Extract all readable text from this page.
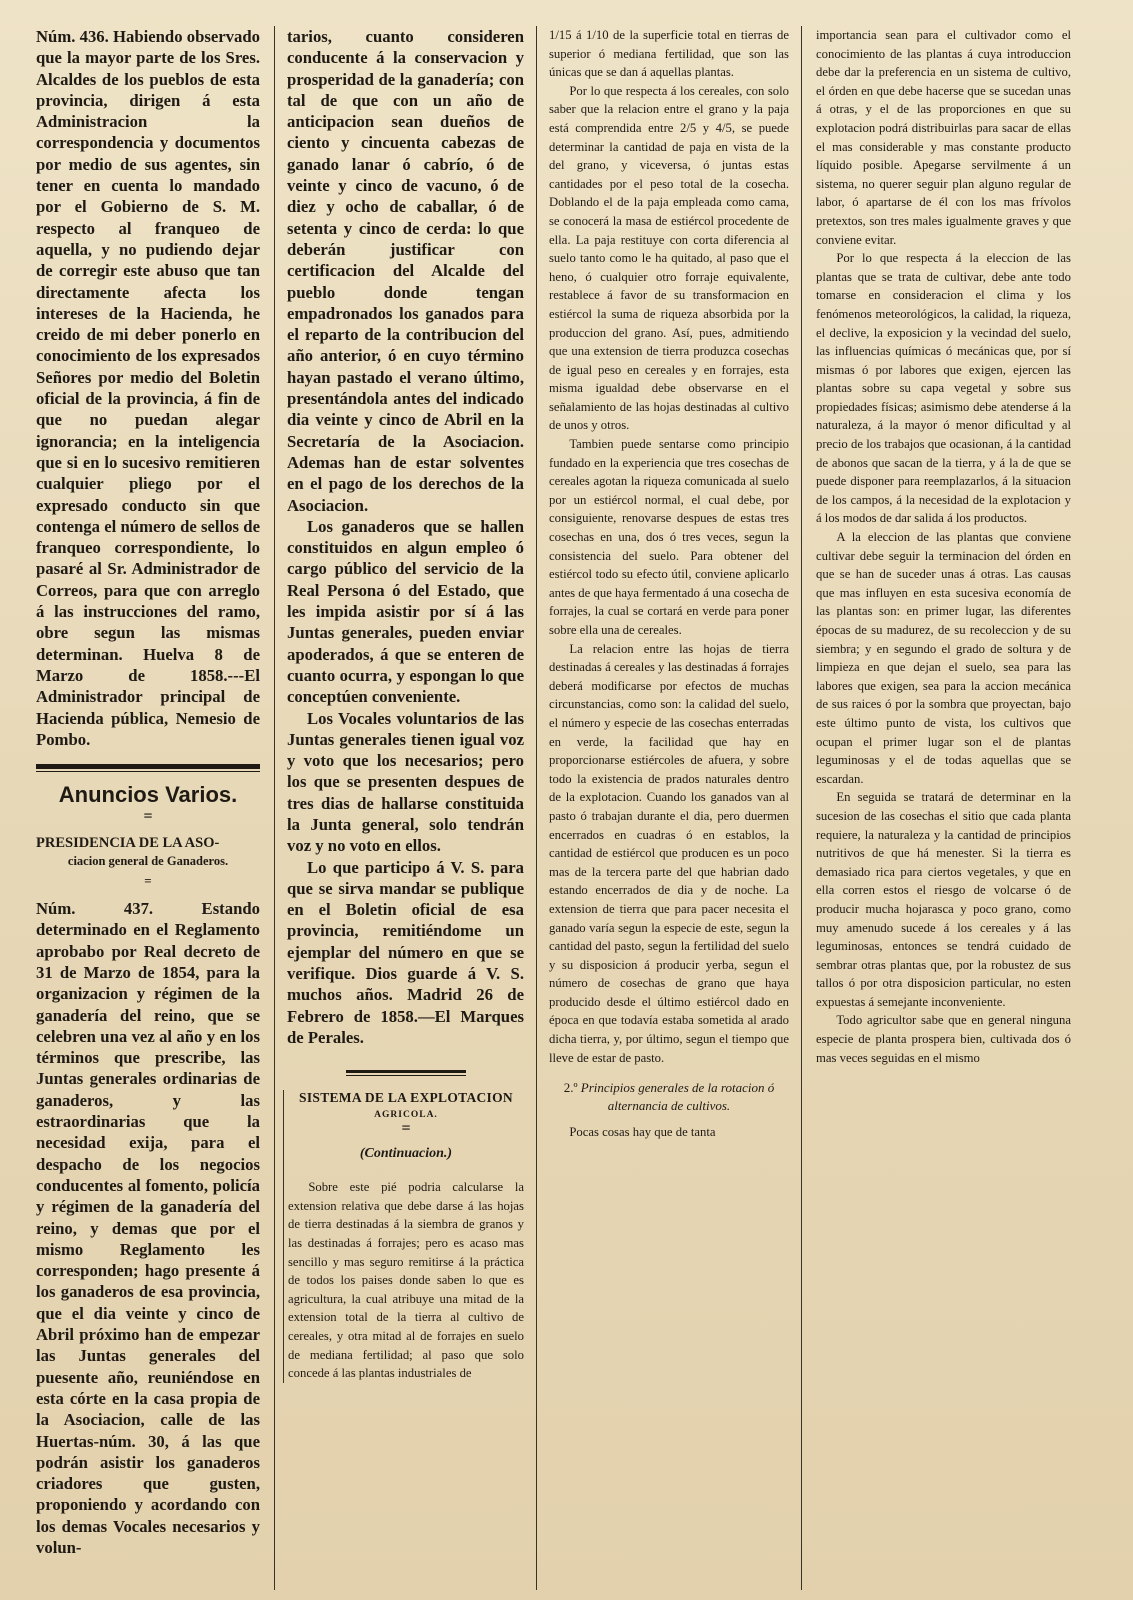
Núm. 436. Habiendo observado que la mayor parte de los Sres. Alcaldes de los pueblos de esta provincia, dirigen á esta Administracion la correspondencia y documentos por medio de sus agentes, sin tener en cuenta lo mandado por el Gobierno de S. M. respecto al franqueo de aquella, y no pudiendo dejar de corregir este abuso que tan directamente afecta los intereses de la Hacienda, he creido de mi deber ponerlo en conocimiento de los expresados Señores por medio del Boletin oficial de la provincia, á fin de que no puedan alegar ignorancia; en la inteligencia que si en lo sucesivo remitieren cualquier pliego por el expresado conducto sin que contenga el número de sellos de franqueo correspondiente, lo pasaré al Sr. Administrador de Correos, para que con arreglo á las instrucciones del ramo, obre segun las mismas determinan. Huelva 8 de Marzo de 1858.---El Administrador principal de Hacienda pública, Nemesio de Pombo.

Anuncios Varios.
=
PRESIDENCIA DE LA ASO-
ciacion general de Ganaderos.
=

Núm. 437. Estando determinado en el Reglamento aprobabo por Real decreto de 31 de Marzo de 1854, para la organizacion y régimen de la ganadería del reino, que se celebren una vez al año y en los términos que prescribe, las Juntas generales ordinarias de ganaderos, y las estraordinarias que la necesidad exija, para el despacho de los negocios conducentes al fomento, policía y régimen de la ganadería del reino, y demas que por el mismo Reglamento les corresponden; hago presente á los ganaderos de esa provincia, que el dia veinte y cinco de Abril próximo han de empezar las Juntas generales del puesente año, reuniéndose en esta córte en la casa propia de la Asociacion, calle de las Huertas-núm. 30, á las que podrán asistir los ganaderos criadores que gusten, proponiendo y acordando con los demas Vocales necesarios y volun-

tarios, cuanto consideren conducente á la conservacion y prosperidad de la ganadería; con tal de que con un año de anticipacion sean dueños de ciento y cincuenta cabezas de ganado lanar ó cabrío, ó de veinte y cinco de vacuno, ó de diez y ocho de caballar, ó de setenta y cinco de cerda: lo que deberán justificar con certificacion del Alcalde del pueblo donde tengan empadronados los ganados para el reparto de la contribucion del año anterior, ó en cuyo término hayan pastado el verano último, presentándola antes del indicado dia veinte y cinco de Abril en la Secretaría de la Asociacion. Ademas han de estar solventes en el pago de los derechos de la Asociacion.

Los ganaderos que se hallen constituidos en algun empleo ó cargo público del servicio de la Real Persona ó del Estado, que les impida asistir por sí á las Juntas generales, pueden enviar apoderados, á que se enteren de cuanto ocurra, y espongan lo que conceptúen conveniente.

Los Vocales voluntarios de las Juntas generales tienen igual voz y voto que los necesarios; pero los que se presenten despues de tres dias de hallarse constituida la Junta general, solo tendrán voz y no voto en ellos.

Lo que participo á V. S. para que se sirva mandar se publique en el Boletin oficial de esa provincia, remitiéndome un ejemplar del número en que se verifique. Dios guarde á V. S. muchos años. Madrid 26 de Febrero de 1858.—El Marques de Perales.

SISTEMA DE LA EXPLOTACION
AGRICOLA.
=
(Continuacion.)

Sobre este pié podria calcularse la extension relativa que debe darse á las hojas de tierra destinadas á la siembra de granos y las destinadas á forrajes; pero es acaso mas sencillo y mas seguro remitirse á la práctica de todos los paises donde saben lo que es agricultura, la cual atribuye una mitad de la extension total de la tierra al cultivo de cereales, y otra mitad al de forrajes en suelo de mediana fertilidad; al paso que solo concede á las plantas industriales de

1/15 á 1/10 de la superficie total en tierras de superior ó mediana fertilidad, que son las únicas que se dan á aquellas plantas.

Por lo que respecta á los cereales, con solo saber que la relacion entre el grano y la paja está comprendida entre 2/5 y 4/5, se puede determinar la cantidad de paja en vista de la del grano, y viceversa, ó juntas estas cantidades por el peso total de la cosecha. Doblando el de la paja empleada como cama, se conocerá la masa de estiércol procedente de ella. La paja restituye con corta diferencia al suelo tanto como le ha quitado, al paso que el heno, ó cualquier otro forraje equivalente, restablece á favor de su transformacion en estiércol la suma de riqueza absorbida por la produccion del grano. Así, pues, admitiendo que una extension de tierra produzca cosechas de igual peso en cereales y en forrajes, esta misma igualdad debe observarse en el señalamiento de las hojas destinadas al cultivo de unos y otros.

Tambien puede sentarse como principio fundado en la experiencia que tres cosechas de cereales agotan la riqueza comunicada al suelo por un estiércol normal, el cual debe, por consiguiente, renovarse despues de estas tres cosechas en una, dos ó tres veces, segun la consistencia del suelo. Para obtener del estiércol todo su efecto útil, conviene aplicarlo antes de que haya fermentado á una cosecha de forrajes, la cual se cortará en verde para poner sobre ella una de cereales.

La relacion entre las hojas de tierra destinadas á cereales y las destinadas á forrajes deberá modificarse por efectos de muchas circunstancias, como son: la calidad del suelo, el número y especie de las cosechas enterradas en verde, la facilidad que hay en proporcionarse estiércoles de afuera, y sobre todo la existencia de prados naturales dentro de la explotacion. Cuando los ganados van al pasto ó trabajan durante el dia, pero duermen encerrados en cuadras ó en establos, la cantidad de estiércol que producen es un poco mas de la tercera parte del que habrian dado estando encerrados de dia y de noche. La extension de tierra que para pacer necesita el ganado varía segun la especie de este, segun la cantidad del pasto, segun la fertilidad del suelo y su disposicion á producir yerba, segun el número de cosechas de grano que haya producido desde el último estiércol dado en época en que todavía estaba sometida al arado dicha tierra, y, por último, segun el tiempo que lleve de estar de pasto.

2.º Principios generales de la rotacion ó alternancia de cultivos.

Pocas cosas hay que de tanta

importancia sean para el cultivador como el conocimiento de las plantas á cuya introduccion debe dar la preferencia en un sistema de cultivo, el órden en que debe hacerse que se sucedan unas á otras, y el de las proporciones en que su explotacion podrá distribuirlas para sacar de ellas el mas considerable y mas constante producto líquido posible. Apegarse servilmente á un sistema, no querer seguir plan alguno regular de labor, ó apartarse de él con los mas frívolos pretextos, son tres males igualmente graves y que conviene evitar.

Por lo que respecta á la eleccion de las plantas que se trata de cultivar, debe ante todo tomarse en consideracion el clima y los fenómenos meteorológicos, la calidad, la riqueza, el declive, la exposicion y la vecindad del suelo, las influencias químicas ó mecánicas que, por sí mismas ó por labores que exigen, ejercen las plantas sobre su capa vegetal y sobre sus propiedades físicas; asimismo debe atenderse á la naturaleza, á la mayor ó menor dificultad y al precio de los trabajos que ocasionan, á la cantidad de abonos que sacan de la tierra, y á la de que se puede disponer para reemplazarlos, á la situacion de los campos, á la necesidad de la explotacion y á los modos de dar salida á los productos.

A la eleccion de las plantas que conviene cultivar debe seguir la terminacion del órden en que se han de suceder unas á otras. Las causas que mas influyen en esta sucesiva economía de las plantas son: en primer lugar, las diferentes épocas de su madurez, de su recoleccion y de su siembra; y en segundo el grado de soltura y de limpieza en que dejan el suelo, sea para las labores que exigen, sea para la accion mecánica de sus raices ó por la sombra que proyectan, bajo este último punto de vista, los cultivos que ocupan el primer lugar son el de plantas leguminosas y el de todas aquellas que se escardan.

En seguida se tratará de determinar en la sucesion de las cosechas el sitio que cada planta requiere, la naturaleza y la cantidad de principios nutritivos de que há menester. Si la tierra es demasiado rica para ciertos vegetales, y que en ella corren estos el riesgo de volcarse ó de producir mucha hojarasca y poco grano, como muy amenudo sucede á los cereales y á las leguminosas, entonces se tendrá cuidado de sembrar otras plantas que, por la robustez de sus tallos ó por otra disposicion particular, no esten expuestas á semejante inconveniente.

Todo agricultor sabe que en general ninguna especie de planta prospera bien, cultivada dos ó mas veces seguidas en el mismo
